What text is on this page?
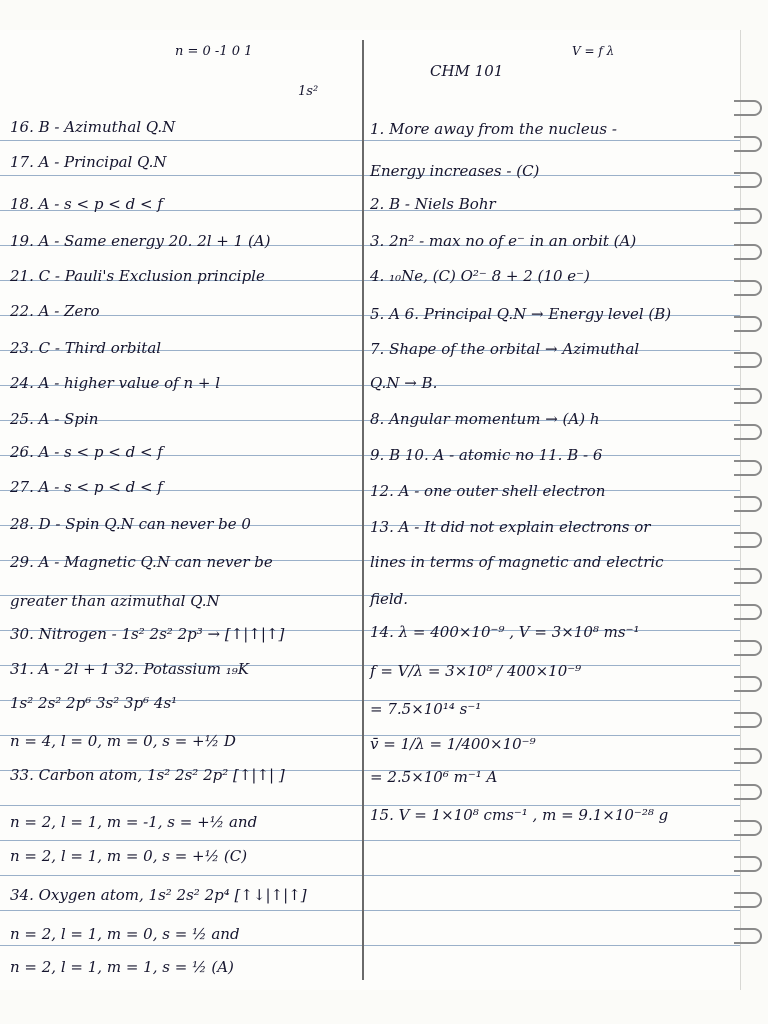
n = 0 -1 0 1
1s²
CHM 101
V = f λ
16. B - Azimuthal Q.N
17. A - Principal Q.N
18. A - s < p < d < f
19. A - Same energy 20. 2l + 1 (A)
21. C - Pauli's Exclusion principle
22. A - Zero
23. C - Third orbital
24. A - higher value of n + l
25. A - Spin
26. A - s < p < d < f
27. A - s < p < d < f
28. D - Spin Q.N can never be 0
29. A - Magnetic Q.N can never be
greater than azimuthal Q.N
30. Nitrogen - 1s² 2s² 2p³ → [↑|↑|↑]
31. A - 2l + 1 32. Potassium ₁₉K
1s² 2s² 2p⁶ 3s² 3p⁶ 4s¹
n = 4, l = 0, m = 0, s = +½ D
33. Carbon atom, 1s² 2s² 2p² [↑|↑| ]
n = 2, l = 1, m = -1, s = +½ and
n = 2, l = 1, m = 0, s = +½ (C)
34. Oxygen atom, 1s² 2s² 2p⁴ [↑↓|↑|↑]
n = 2, l = 1, m = 0, s = ½ and
n = 2, l = 1, m = 1, s = ½ (A)
1. More away from the nucleus -
Energy increases - (C)
2. B - Niels Bohr
3. 2n² - max no of e⁻ in an orbit (A)
4. ₁₀Ne, (C) O²⁻ 8 + 2 (10 e⁻)
5. A 6. Principal Q.N → Energy level (B)
7. Shape of the orbital → Azimuthal
Q.N → B.
8. Angular momentum → (A) h
9. B 10. A - atomic no 11. B - 6
12. A - one outer shell electron
13. A - It did not explain electrons or
lines in terms of magnetic and electric
field.
14. λ = 400×10⁻⁹ , V = 3×10⁸ ms⁻¹
f = V/λ = 3×10⁸ / 400×10⁻⁹
= 7.5×10¹⁴ s⁻¹
v̄ = 1/λ = 1/400×10⁻⁹
= 2.5×10⁶ m⁻¹ A
15. V = 1×10⁸ cms⁻¹ , m = 9.1×10⁻²⁸ g
